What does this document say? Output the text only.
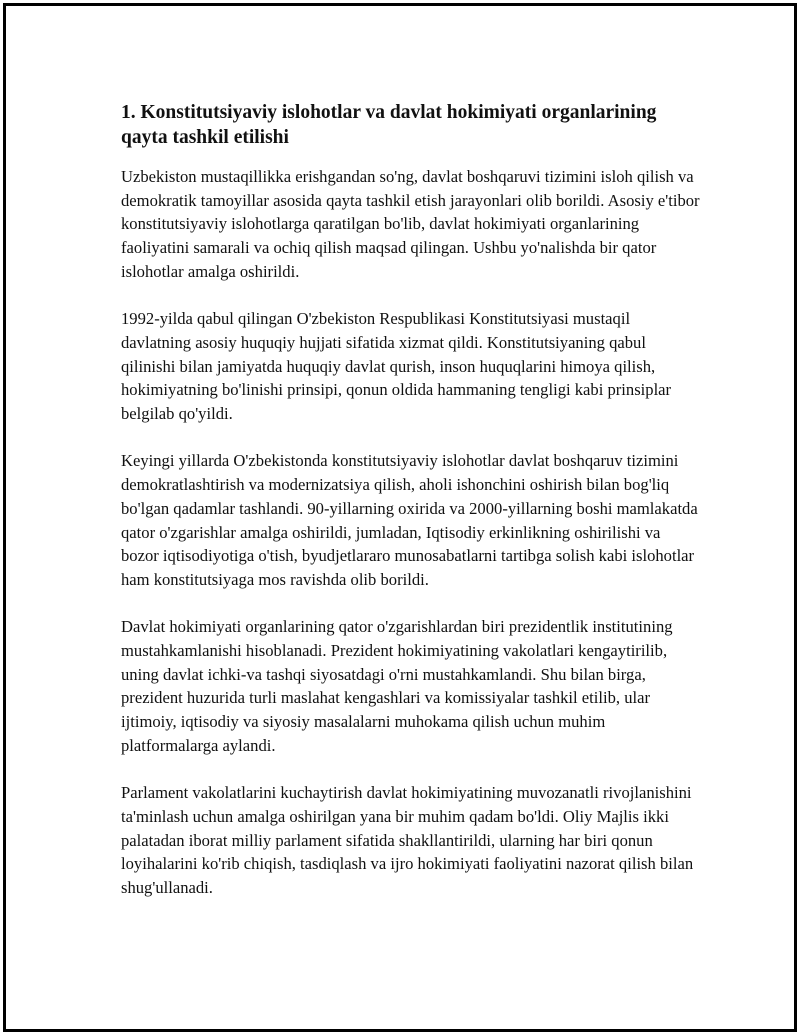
1. Konstitutsiyaviy islohotlar va davlat hokimiyati organlarining qayta tashkil etilishi

Uzbekiston mustaqillikka erishgandan so'ng, davlat boshqaruvi tizimini isloh qilish va demokratik tamoyillar asosida qayta tashkil etish jarayonlari olib borildi. Asosiy e'tibor konstitutsiyaviy islohotlarga qaratilgan bo'lib, davlat hokimiyati organlarining faoliyatini samarali va ochiq qilish maqsad qilingan. Ushbu yo'nalishda bir qator islohotlar amalga oshirildi.

1992-yilda qabul qilingan O'zbekiston Respublikasi Konstitutsiyasi mustaqil davlatning asosiy huquqiy hujjati sifatida xizmat qildi. Konstitutsiyaning qabul qilinishi bilan jamiyatda huquqiy davlat qurish, inson huquqlarini himoya qilish, hokimiyatning bo'linishi prinsipi, qonun oldida hammaning tengligi kabi prinsiplar belgilab qo'yildi.

Keyingi yillarda O'zbekistonda konstitutsiyaviy islohotlar davlat boshqaruv tizimini demokratlashtirish va modernizatsiya qilish, aholi ishonchini oshirish bilan bog'liq bo'lgan qadamlar tashlandi. 90-yillarning oxirida va 2000-yillarning boshi mamlakatda qator o'zgarishlar amalga oshirildi, jumladan, Iqtisodiy erkinlikning oshirilishi va bozor iqtisodiyotiga o'tish, byudjetlararo munosabatlarni tartibga solish kabi islohotlar ham konstitutsiyaga mos ravishda olib borildi.

Davlat hokimiyati organlarining qator o'zgarishlardan biri prezidentlik institutining mustahkamlanishi hisoblanadi. Prezident hokimiyatining vakolatlari kengaytirilib, uning davlat ichki-va tashqi siyosatdagi o'rni mustahkamlandi. Shu bilan birga, prezident huzurida turli maslahat kengashlari va komissiyalar tashkil etilib, ular ijtimoiy, iqtisodiy va siyosiy masalalarni muhokama qilish uchun muhim platformalarga aylandi.

Parlament vakolatlarini kuchaytirish davlat hokimiyatining muvozanatli rivojlanishini ta'minlash uchun amalga oshirilgan yana bir muhim qadam bo'ldi. Oliy Majlis ikki palatadan iborat milliy parlament sifatida shakllantirildi, ularning har biri qonun loyihalarini ko'rib chiqish, tasdiqlash va ijro hokimiyati faoliyatini nazorat qilish bilan shug'ullanadi.
